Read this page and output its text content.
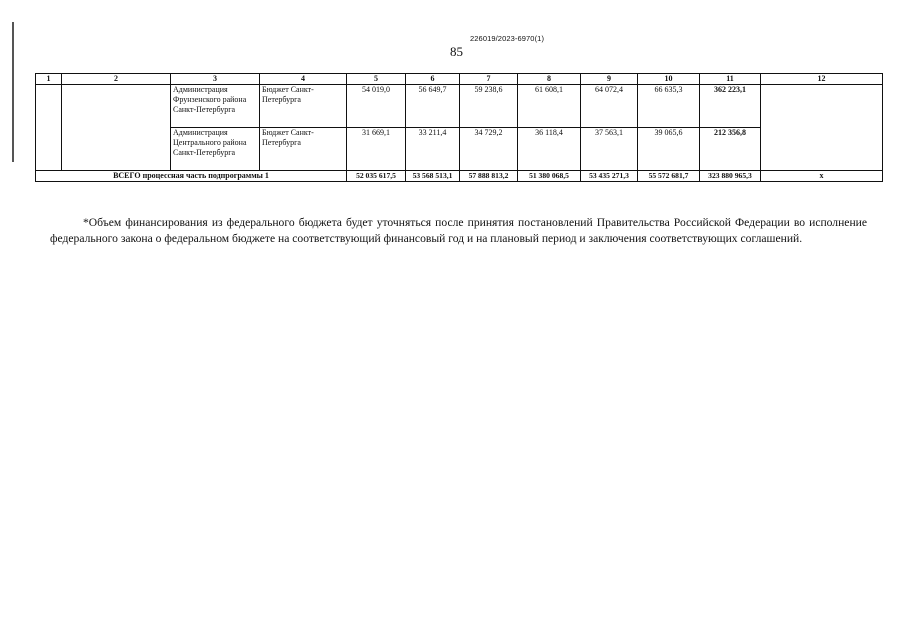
226019/2023-6970(1)
85
1	2	3	4	5	6	7	8	9	10	11	12
		Администрация Фрунзенского района Санкт-Петербурга	Бюджет Санкт-Петербурга	54 019,0	56 649,7	59 238,6	61 608,1	64 072,4	66 635,3	362 223,1	
		Администрация Центрального района Санкт-Петербурга	Бюджет Санкт-Петербурга	31 669,1	33 211,4	34 729,2	36 118,4	37 563,1	39 065,6	212 356,8	
ВСЕГО процессная часть подпрограммы 1				52 035 617,5	53 568 513,1	57 888 813,2	51 380 068,5	53 435 271,3	55 572 681,7	323 880 965,3	х

*Объем финансирования из федерального бюджета будет уточняться после принятия постановлений Правительства Российской Федерации во исполнение федерального закона о федеральном бюджете на соответствующий финансовый год и на плановый период и заключения соответствующих соглашений.
